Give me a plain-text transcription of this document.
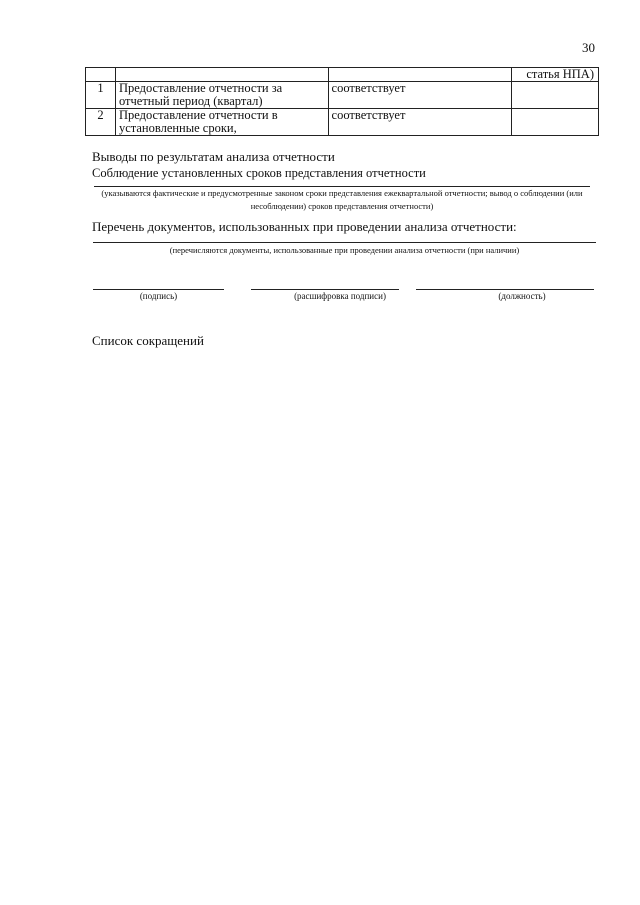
30
			статья НПА)
1	Предоставление отчетности за отчетный период (квартал)	соответствует	
2	Предоставление отчетности в установленные сроки,	соответствует	
Выводы по результатам анализа отчетности
Соблюдение установленных сроков представления отчетности
(указываются фактические и предусмотренные законом сроки представления ежеквартальной отчетности; вывод о соблюдении (или несоблюдении) сроков представления отчетности)
Перечень документов, использованных при проведении анализа отчетности:
(перечисляются документы, использованные при проведении анализа отчетности (при наличии)
(подпись)	(расшифровка подписи)	(должность)
Список сокращений
